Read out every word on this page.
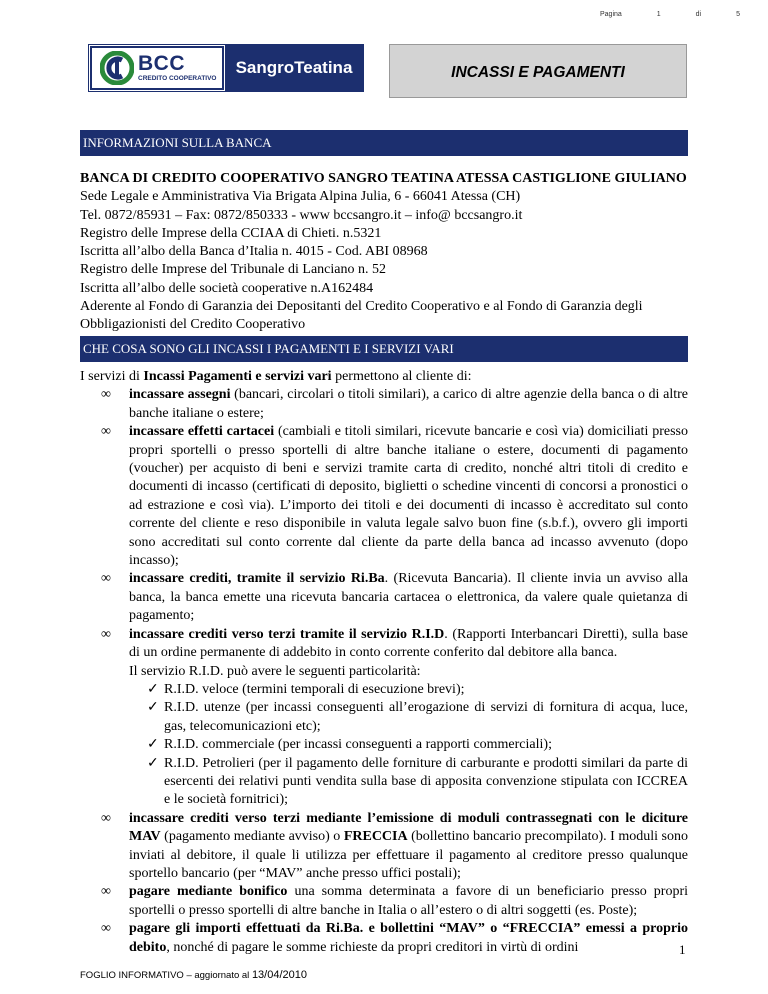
Pagina	1	di	5
BCC
CREDITO COOPERATIVO
SangroTeatina	INCASSI E PAGAMENTI
INFORMAZIONI SULLA BANCA
BANCA DI CREDITO COOPERATIVO SANGRO TEATINA ATESSA CASTIGLIONE GIULIANO
Sede Legale e Amministrativa Via Brigata Alpina Julia, 6 - 66041 Atessa (CH)
Tel. 0872/85931 – Fax: 0872/850333 - www bccsangro.it – info@ bccsangro.it
Registro delle Imprese della CCIAA di Chieti. n.5321
Iscritta all’albo della Banca d’Italia n. 4015 - Cod. ABI 08968
Registro delle Imprese del Tribunale di Lanciano n. 52
Iscritta all’albo delle società cooperative n.A162484
Aderente al Fondo di Garanzia dei Depositanti del Credito Cooperativo e al Fondo di Garanzia degli Obbligazionisti del Credito Cooperativo
CHE COSA SONO GLI INCASSI I PAGAMENTI E I SERVIZI VARI
I servizi di Incassi Pagamenti e servizi vari permettono al cliente di:
∞ incassare assegni (bancari, circolari o titoli similari), a carico di altre agenzie della banca o di altre banche italiane o estere;
∞ incassare effetti cartacei (cambiali e titoli similari, ricevute bancarie e così via) domiciliati presso propri sportelli o presso sportelli di altre banche italiane o estere, documenti di pagamento (voucher) per acquisto di beni e servizi tramite carta di credito, nonché altri titoli di credito e documenti di incasso (certificati di deposito, biglietti o schedine vincenti di concorsi a pronostici o ad estrazione e così via). L’importo dei titoli e dei documenti di incasso è accreditato sul conto corrente del cliente e reso disponibile in valuta legale salvo buon fine (s.b.f.), ovvero gli importi sono accreditati sul conto corrente dal cliente da parte della banca ad incasso avvenuto (dopo incasso);
∞ incassare crediti, tramite il servizio Ri.Ba. (Ricevuta Bancaria). Il cliente invia un avviso alla banca, la banca emette una ricevuta bancaria cartacea o elettronica, da valere quale quietanza di pagamento;
∞ incassare crediti verso terzi tramite il servizio R.I.D. (Rapporti Interbancari Diretti), sulla base di un ordine permanente di addebito in conto corrente conferito dal debitore alla banca.
Il servizio R.I.D. può avere le seguenti particolarità:
✓ R.I.D. veloce (termini temporali di esecuzione brevi);
✓ R.I.D. utenze (per incassi conseguenti all’erogazione di servizi di fornitura di acqua, luce, gas, telecomunicazioni etc);
✓ R.I.D. commerciale (per incassi conseguenti a rapporti commerciali);
✓ R.I.D. Petrolieri (per il pagamento delle forniture di carburante e prodotti similari da parte di esercenti dei relativi punti vendita sulla base di apposita convenzione stipulata con ICCREA e le società fornitrici);
∞ incassare crediti verso terzi mediante l’emissione di moduli contrassegnati con le diciture MAV (pagamento mediante avviso) o FRECCIA (bollettino bancario precompilato). I moduli sono inviati al debitore, il quale li utilizza per effettuare il pagamento al creditore presso qualunque sportello bancario (per “MAV” anche presso uffici postali);
∞ pagare mediante bonifico una somma determinata a favore di un beneficiario presso propri sportelli o presso sportelli di altre banche in Italia o all’estero o di altri soggetti (es. Poste);
∞ pagare gli importi effettuati da Ri.Ba. e bollettini “MAV” o “FRECCIA” emessi a proprio debito, nonché di pagare le somme richieste da propri creditori in virtù di ordini	1
FOGLIO INFORMATIVO – aggiornato al 13/04/2010
